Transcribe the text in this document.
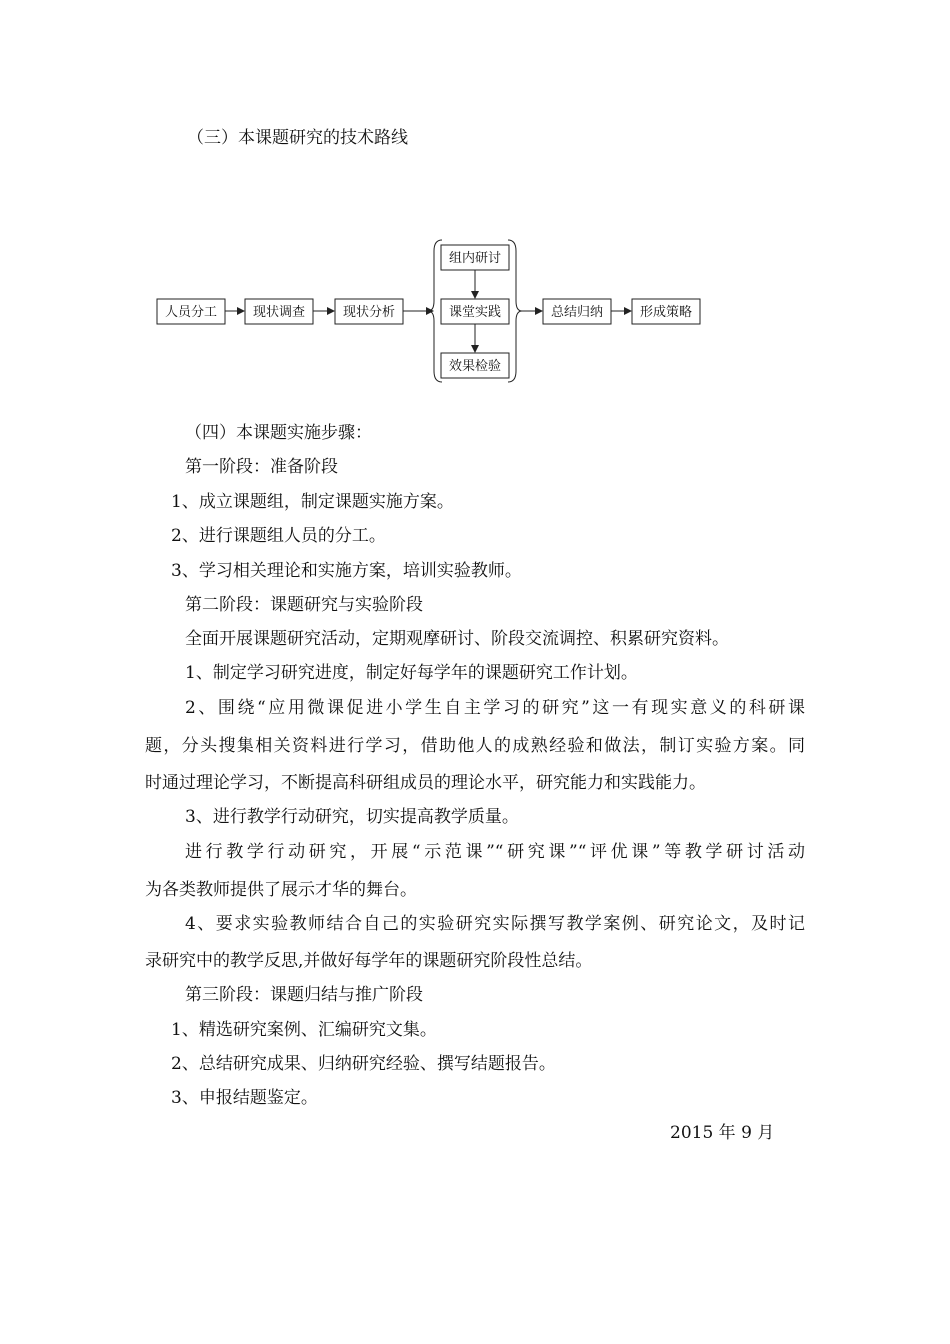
（三）本课题研究的技术路线
人员分工	现状调查	现状分析
组内研讨
课堂实践
效果检验
总结归纳	形成策略
（四）本课题实施步骤：
第一阶段：准备阶段
1、成立课题组，制定课题实施方案。
2、进行课题组人员的分工。
3、学习相关理论和实施方案，培训实验教师。
第二阶段：课题研究与实验阶段
全面开展课题研究活动，定期观摩研讨、阶段交流调控、积累研究资料。
1、制定学习研究进度，制定好每学年的课题研究工作计划。
2、围绕“应用微课促进小学生自主学习的研究”这一有现实意义的科研课
题，分头搜集相关资料进行学习，借助他人的成熟经验和做法，制订实验方案。同
时通过理论学习，不断提高科研组成员的理论水平，研究能力和实践能力。
3、进行教学行动研究，切实提高教学质量。
进行教学行动研究，开展“示范课”“研究课”“评优课”等教学研讨活动
为各类教师提供了展示才华的舞台。
4、要求实验教师结合自己的实验研究实际撰写教学案例、研究论文，及时记
录研究中的教学反思,并做好每学年的课题研究阶段性总结。
第三阶段：课题归结与推广阶段
1、精选研究案例、汇编研究文集。
2、总结研究成果、归纳研究经验、撰写结题报告。
3、申报结题鉴定。
2015 年 9 月
